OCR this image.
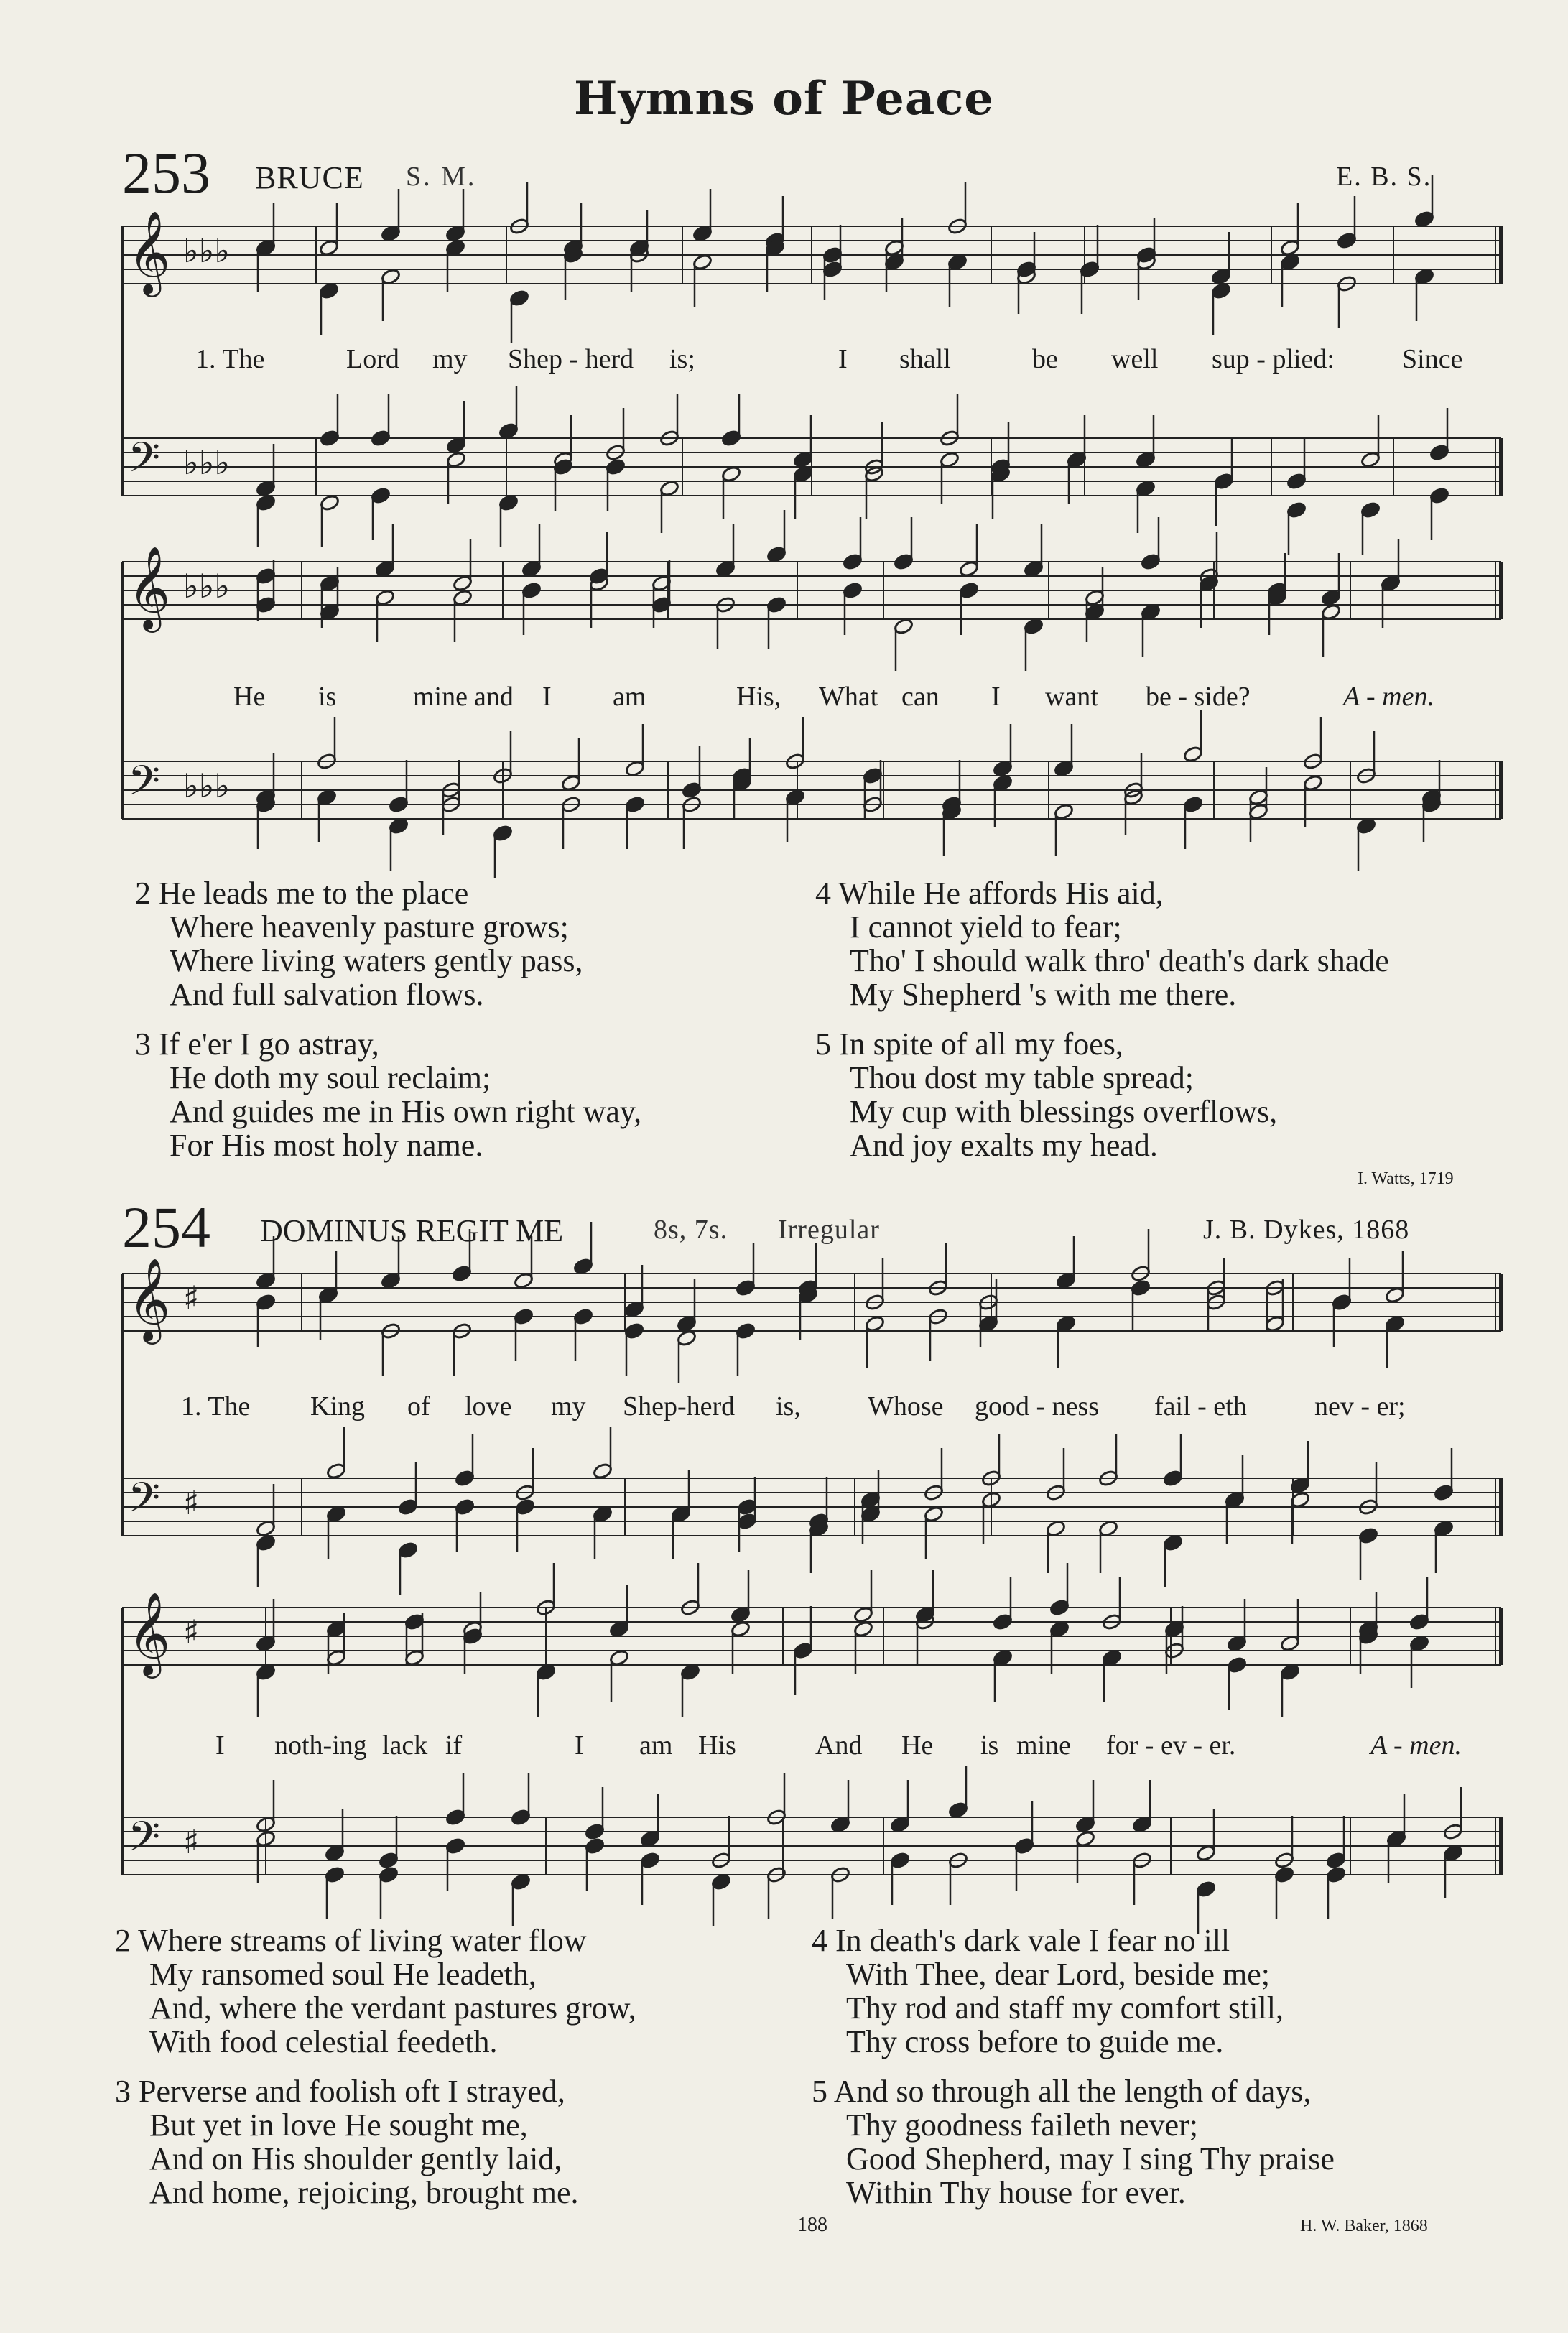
Hymns of Peace
253 BRUCE S. M.	E. B. S.
𝄞 ♭♭♭
𝄢 ♭♭♭
𝄞 ♭♭♭
𝄢 ♭♭♭
𝄞 ♯
𝄢 ♯
𝄞 ♯
𝄢 ♯
1. The	Lord my Shep - herd is;	I shall	be well sup - plied: Since
He is	mine and I am	His, What can I want be - side?	A - men.
2 He leads me to the place
Where heavenly pasture grows;
Where living waters gently pass,
And full salvation flows.
3 If e'er I go astray,
He doth my soul reclaim;
And guides me in His own right way,
For His most holy name.
4 While He affords His aid,
I cannot yield to fear;
Tho' I should walk thro' death's dark shade
My Shepherd 's with me there.
5 In spite of all my foes,
Thou dost my table spread;
My cup with blessings overflows,
And joy exalts my head.
I. Watts, 1719
254 DOMINUS REGIT ME	8s, 7s. Irregular	J. B. Dykes, 1868
1. The King of love my Shep-herd is, Whose good - ness fail - eth nev - er;
I noth-ing lack if	I am His	And He is mine for - ev - er.	A - men.
2 Where streams of living water flow
My ransomed soul He leadeth,
And, where the verdant pastures grow,
With food celestial feedeth.
3 Perverse and foolish oft I strayed,
But yet in love He sought me,
And on His shoulder gently laid,
And home, rejoicing, brought me.
4 In death's dark vale I fear no ill
With Thee, dear Lord, beside me;
Thy rod and staff my comfort still,
Thy cross before to guide me.
5 And so through all the length of days,
Thy goodness faileth never;
Good Shepherd, may I sing Thy praise
Within Thy house for ever.
188	H. W. Baker, 1868
